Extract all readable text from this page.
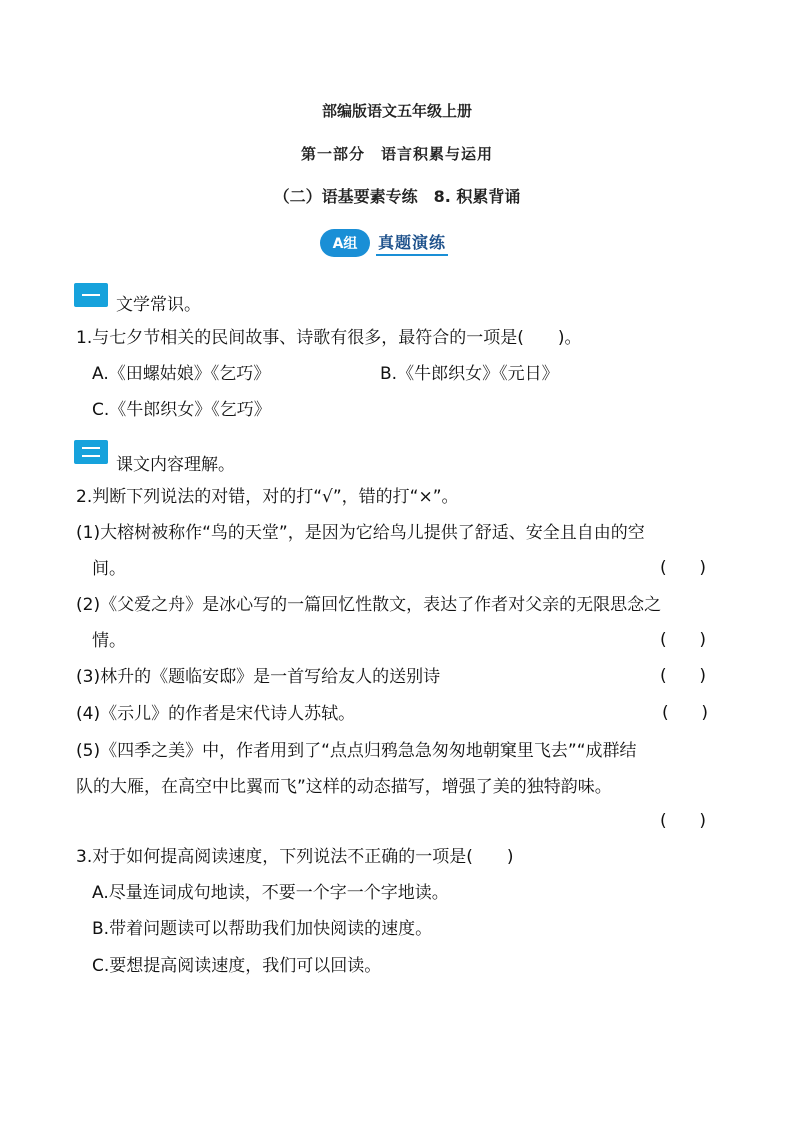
部编版语文五年级上册
第一部分　语言积累与运用
（二）语基要素专练　8. 积累背诵
A组	真题演练
文学常识。
1.与七夕节相关的民间故事、诗歌有很多，最符合的一项是(　　)。
A.《田螺姑娘》《乞巧》	B.《牛郎织女》《元日》
C.《牛郎织女》《乞巧》
课文内容理解。
2.判断下列说法的对错，对的打“√”，错的打“×”。
(1)大榕树被称作“鸟的天堂”，是因为它给鸟儿提供了舒适、安全且自由的空
间。	( )
(2)《父爱之舟》是冰心写的一篇回忆性散文，表达了作者对父亲的无限思念之
情。	( )
(3)林升的《题临安邸》是一首写给友人的送别诗	( )
(4)《示儿》的作者是宋代诗人苏轼。	( )
(5)《四季之美》中，作者用到了“点点归鸦急急匆匆地朝窠里飞去”“成群结
队的大雁，在高空中比翼而飞”这样的动态描写，增强了美的独特韵味。
( )
3.对于如何提高阅读速度，下列说法不正确的一项是(　　)
A.尽量连词成句地读，不要一个字一个字地读。
B.带着问题读可以帮助我们加快阅读的速度。
C.要想提高阅读速度，我们可以回读。
